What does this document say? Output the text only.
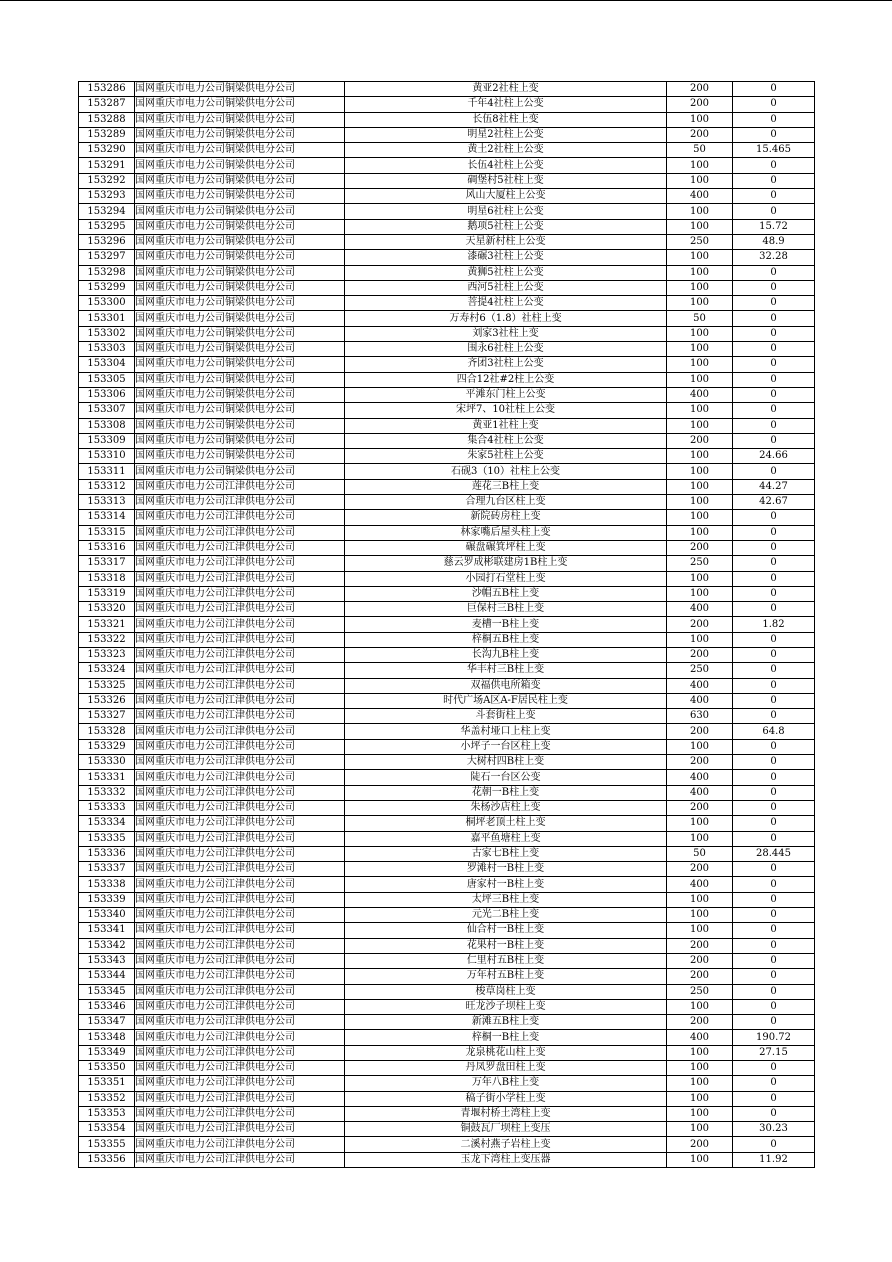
153286	国网重庆市电力公司铜梁供电分公司	黄亚2社柱上变	200	0
153287	国网重庆市电力公司铜梁供电分公司	千年4社柱上公变	200	0
153288	国网重庆市电力公司铜梁供电分公司	长伍8社柱上变	100	0
153289	国网重庆市电力公司铜梁供电分公司	明星2社柱上公变	200	0
153290	国网重庆市电力公司铜梁供电分公司	黄土2社柱上公变	50	15.465
153291	国网重庆市电力公司铜梁供电分公司	长伍4社柱上公变	100	0
153292	国网重庆市电力公司铜梁供电分公司	碉堡村5社柱上变	100	0
153293	国网重庆市电力公司铜梁供电分公司	风山大厦柱上公变	400	0
153294	国网重庆市电力公司铜梁供电分公司	明星6社柱上公变	100	0
153295	国网重庆市电力公司铜梁供电分公司	鹅项5社柱上公变	100	15.72
153296	国网重庆市电力公司铜梁供电分公司	天星新村柱上公变	250	48.9
153297	国网重庆市电力公司铜梁供电分公司	漆碾3社柱上公变	100	32.28
153298	国网重庆市电力公司铜梁供电分公司	黄狮5社柱上公变	100	0
153299	国网重庆市电力公司铜梁供电分公司	西河5社柱上公变	100	0
153300	国网重庆市电力公司铜梁供电分公司	菩提4社柱上公变	100	0
153301	国网重庆市电力公司铜梁供电分公司	万寿村6（1.8）社柱上变	50	0
153302	国网重庆市电力公司铜梁供电分公司	刘家3社柱上变	100	0
153303	国网重庆市电力公司铜梁供电分公司	围永6社柱上公变	100	0
153304	国网重庆市电力公司铜梁供电分公司	齐团3社柱上公变	100	0
153305	国网重庆市电力公司铜梁供电分公司	四合12社#2柱上公变	100	0
153306	国网重庆市电力公司铜梁供电分公司	平滩东门柱上公变	400	0
153307	国网重庆市电力公司铜梁供电分公司	宋坪7、10社柱上公变	100	0
153308	国网重庆市电力公司铜梁供电分公司	黄亚1社柱上变	100	0
153309	国网重庆市电力公司铜梁供电分公司	集合4社柱上公变	200	0
153310	国网重庆市电力公司铜梁供电分公司	朱家5社柱上公变	100	24.66
153311	国网重庆市电力公司铜梁供电分公司	石砚3（10）社柱上公变	100	0
153312	国网重庆市电力公司江津供电分公司	莲花三B柱上变	100	44.27
153313	国网重庆市电力公司江津供电分公司	合理九台区柱上变	100	42.67
153314	国网重庆市电力公司江津供电分公司	新院砖房柱上变	100	0
153315	国网重庆市电力公司江津供电分公司	林家嘴后屋头柱上变	100	0
153316	国网重庆市电力公司江津供电分公司	碾盘碾箕坪柱上变	200	0
153317	国网重庆市电力公司江津供电分公司	慈云罗成彬联建房1B柱上变	250	0
153318	国网重庆市电力公司江津供电分公司	小园打石堂柱上变	100	0
153319	国网重庆市电力公司江津供电分公司	沙帽五B柱上变	100	0
153320	国网重庆市电力公司江津供电分公司	巨保村三B柱上变	400	0
153321	国网重庆市电力公司江津供电分公司	麦槽一B柱上变	200	1.82
153322	国网重庆市电力公司江津供电分公司	梓桐五B柱上变	100	0
153323	国网重庆市电力公司江津供电分公司	长沟九B柱上变	200	0
153324	国网重庆市电力公司江津供电分公司	华丰村三B柱上变	250	0
153325	国网重庆市电力公司江津供电分公司	双福供电所箱变	400	0
153326	国网重庆市电力公司江津供电分公司	时代广场A区A-F居民柱上变	400	0
153327	国网重庆市电力公司江津供电分公司	斗套街柱上变	630	0
153328	国网重庆市电力公司江津供电分公司	华盖村垭口上柱上变	200	64.8
153329	国网重庆市电力公司江津供电分公司	小坪子一台区柱上变	100	0
153330	国网重庆市电力公司江津供电分公司	大树村四B柱上变	200	0
153331	国网重庆市电力公司江津供电分公司	陡石一台区公变	400	0
153332	国网重庆市电力公司江津供电分公司	花朝一B柱上变	400	0
153333	国网重庆市电力公司江津供电分公司	朱杨沙店柱上变	200	0
153334	国网重庆市电力公司江津供电分公司	桐坪老顶土柱上变	100	0
153335	国网重庆市电力公司江津供电分公司	嘉平鱼塘柱上变	100	0
153336	国网重庆市电力公司江津供电分公司	古家七B柱上变	50	28.445
153337	国网重庆市电力公司江津供电分公司	罗滩村一B柱上变	200	0
153338	国网重庆市电力公司江津供电分公司	唐家村一B柱上变	400	0
153339	国网重庆市电力公司江津供电分公司	太坪三B柱上变	100	0
153340	国网重庆市电力公司江津供电分公司	元光二B柱上变	100	0
153341	国网重庆市电力公司江津供电分公司	仙合村一B柱上变	100	0
153342	国网重庆市电力公司江津供电分公司	花果村一B柱上变	200	0
153343	国网重庆市电力公司江津供电分公司	仁里村五B柱上变	200	0
153344	国网重庆市电力公司江津供电分公司	万年村五B柱上变	200	0
153345	国网重庆市电力公司江津供电分公司	梭草岗柱上变	250	0
153346	国网重庆市电力公司江津供电分公司	旺龙沙子坝柱上变	100	0
153347	国网重庆市电力公司江津供电分公司	新滩五B柱上变	200	0
153348	国网重庆市电力公司江津供电分公司	梓桐一B柱上变	400	190.72
153349	国网重庆市电力公司江津供电分公司	龙泉桃花山柱上变	100	27.15
153350	国网重庆市电力公司江津供电分公司	丹凤罗盘田柱上变	100	0
153351	国网重庆市电力公司江津供电分公司	万年八B柱上变	100	0
153352	国网重庆市电力公司江津供电分公司	稿子街小学柱上变	100	0
153353	国网重庆市电力公司江津供电分公司	青堰村桥土湾柱上变	100	0
153354	国网重庆市电力公司江津供电分公司	铜鼓瓦厂坝柱上变压	100	30.23
153355	国网重庆市电力公司江津供电分公司	二溪村燕子岩柱上变	200	0
153356	国网重庆市电力公司江津供电分公司	玉龙下湾柱上变压器	100	11.92
